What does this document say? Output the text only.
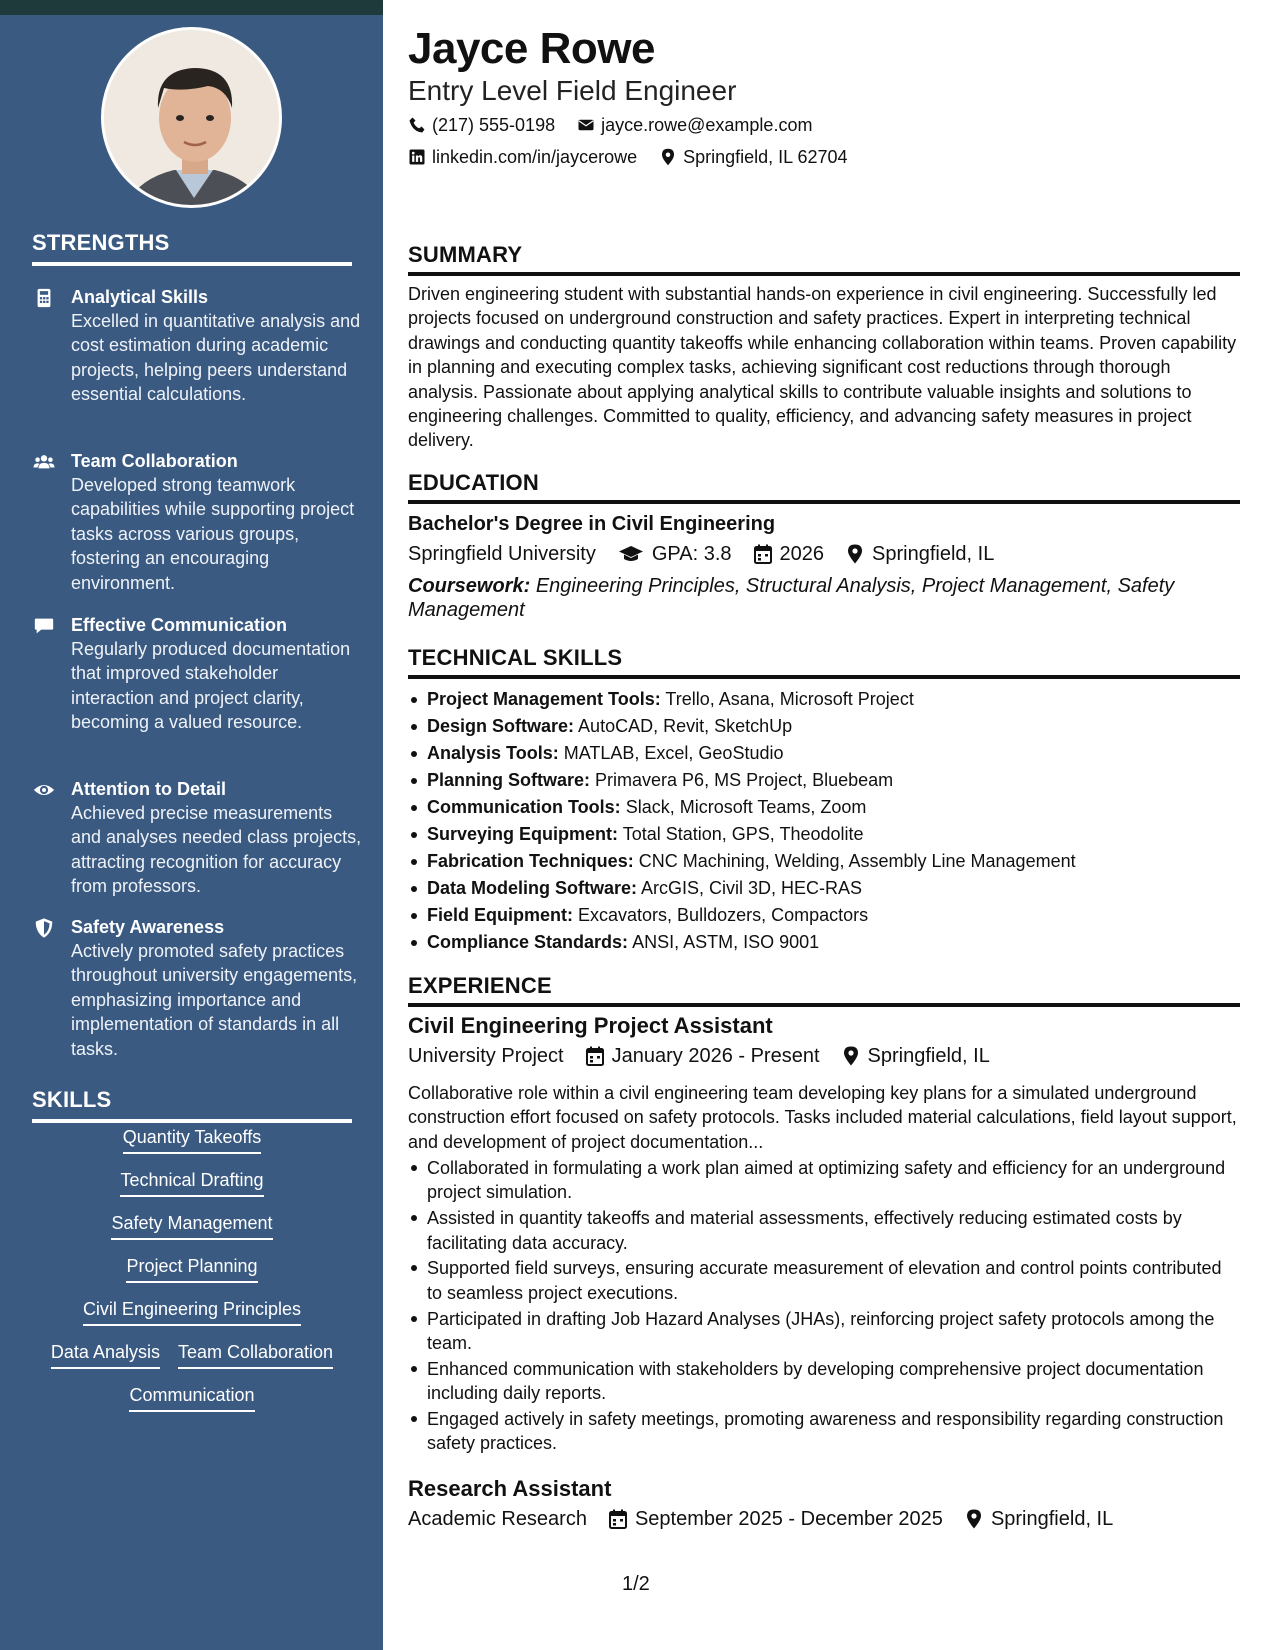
STRENGTHS
Analytical Skills
Excelled in quantitative analysis and cost estimation during academic projects, helping peers understand essential calculations.
Team Collaboration
Developed strong teamwork capabilities while supporting project tasks across various groups, fostering an encouraging environment.
Effective Communication
Regularly produced documentation that improved stakeholder interaction and project clarity, becoming a valued resource.
Attention to Detail
Achieved precise measurements and analyses needed class projects, attracting recognition for accuracy from professors.
Safety Awareness
Actively promoted safety practices throughout university engagements, emphasizing importance and implementation of standards in all tasks.
SKILLS
Quantity Takeoffs
Technical Drafting
Safety Management
Project Planning
Civil Engineering Principles
Data Analysis Team Collaboration
Communication
Jayce Rowe
Entry Level Field Engineer
(217) 555-0198	jayce.rowe@example.com
linkedin.com/in/jaycerowe	Springfield, IL 62704
SUMMARY
Driven engineering student with substantial hands-on experience in civil engineering. Successfully led projects focused on underground construction and safety practices. Expert in interpreting technical drawings and conducting quantity takeoffs while enhancing collaboration within teams. Proven capability in planning and executing complex tasks, achieving significant cost reductions through thorough analysis. Passionate about applying analytical skills to contribute valuable insights and solutions to engineering challenges. Committed to quality, efficiency, and advancing safety measures in project delivery.
EDUCATION
Bachelor's Degree in Civil Engineering
Springfield University	GPA: 3.8 2026 Springfield, IL
Coursework: Engineering Principles, Structural Analysis, Project Management, Safety Management
TECHNICAL SKILLS
Project Management Tools: Trello, Asana, Microsoft Project
Design Software: AutoCAD, Revit, SketchUp
Analysis Tools: MATLAB, Excel, GeoStudio
Planning Software: Primavera P6, MS Project, Bluebeam
Communication Tools: Slack, Microsoft Teams, Zoom
Surveying Equipment: Total Station, GPS, Theodolite
Fabrication Techniques: CNC Machining, Welding, Assembly Line Management
Data Modeling Software: ArcGIS, Civil 3D, HEC-RAS
Field Equipment: Excavators, Bulldozers, Compactors
Compliance Standards: ANSI, ASTM, ISO 9001
EXPERIENCE
Civil Engineering Project Assistant
University Project January 2026 - Present Springfield, IL
Collaborative role within a civil engineering team developing key plans for a simulated underground construction effort focused on safety protocols. Tasks included material calculations, field layout support, and development of project documentation...
Collaborated in formulating a work plan aimed at optimizing safety and efficiency for an underground project simulation.
Assisted in quantity takeoffs and material assessments, effectively reducing estimated costs by facilitating data accuracy.
Supported field surveys, ensuring accurate measurement of elevation and control points contributed to seamless project executions.
Participated in drafting Job Hazard Analyses (JHAs), reinforcing project safety protocols among the team.
Enhanced communication with stakeholders by developing comprehensive project documentation including daily reports.
Engaged actively in safety meetings, promoting awareness and responsibility regarding construction safety practices.
Research Assistant
Academic Research September 2025 - December 2025 Springfield, IL
1/2
